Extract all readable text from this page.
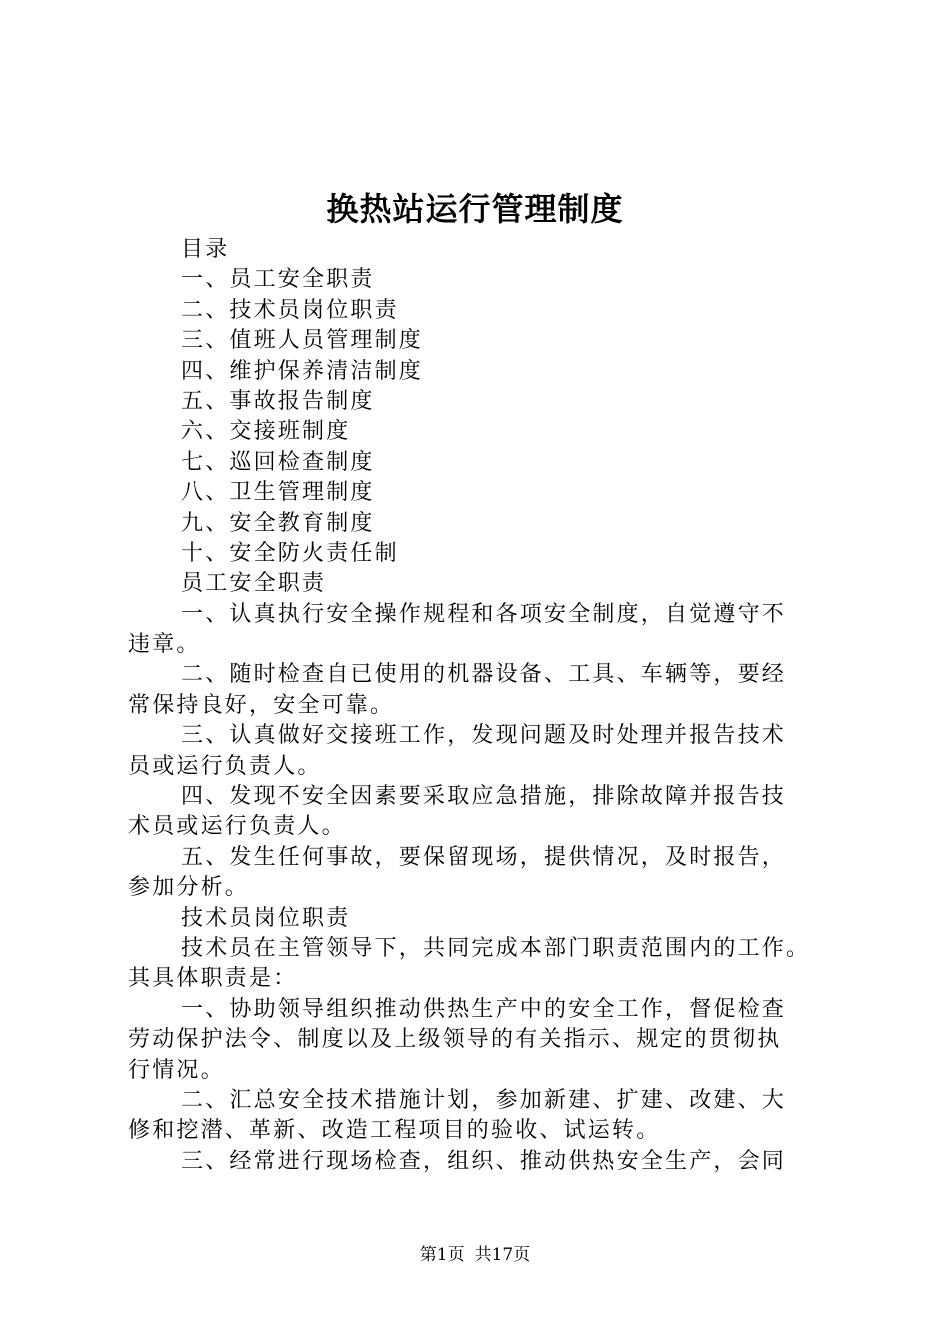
换热站运行管理制度
目录
一、员工安全职责
二、技术员岗位职责
三、值班人员管理制度
四、维护保养清洁制度
五、事故报告制度
六、交接班制度
七、巡回检查制度
八、卫生管理制度
九、安全教育制度
十、安全防火责任制
员工安全职责
一、认真执行安全操作规程和各项安全制度，自觉遵守不
违章。
二、随时检查自已使用的机器设备、工具、车辆等，要经
常保持良好，安全可靠。
三、认真做好交接班工作，发现问题及时处理并报告技术
员或运行负责人。
四、发现不安全因素要采取应急措施，排除故障并报告技
术员或运行负责人。
五、发生任何事故，要保留现场，提供情况，及时报告，
参加分析。
技术员岗位职责
技术员在主管领导下，共同完成本部门职责范围内的工作。
其具体职责是：
一、协助领导组织推动供热生产中的安全工作，督促检查
劳动保护法令、制度以及上级领导的有关指示、规定的贯彻执
行情况。
二、汇总安全技术措施计划，参加新建、扩建、改建、大
修和挖潜、革新、改造工程项目的验收、试运转。
三、经常进行现场检查，组织、推动供热安全生产，会同
第1页 共17页
